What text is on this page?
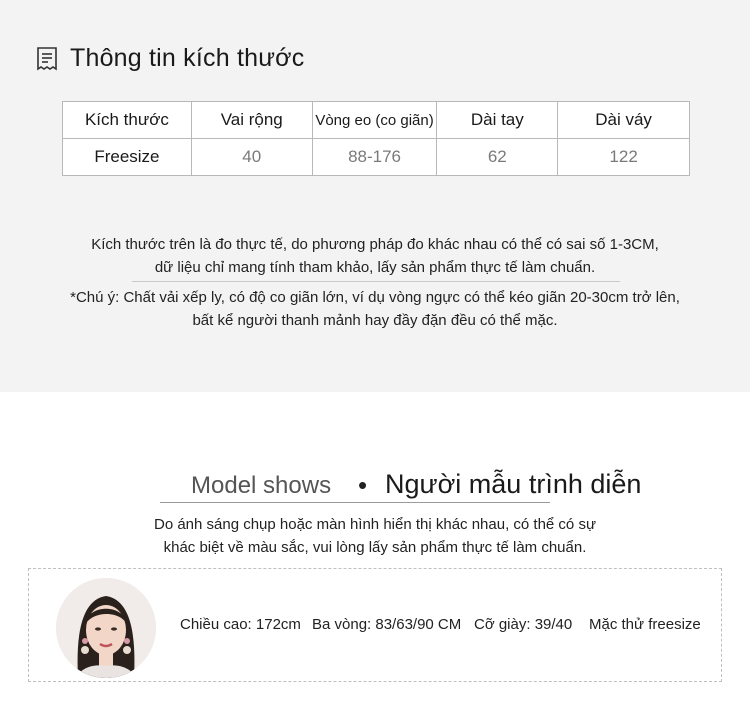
Thông tin kích thước
Kích thước	Vai rộng	Vòng eo (co giãn)	Dài tay	Dài váy
Freesize	40	88-176	62	122
Kích thước trên là đo thực tế, do phương pháp đo khác nhau có thể có sai số 1-3CM,
dữ liệu chỉ mang tính tham khảo, lấy sản phẩm thực tế làm chuẩn.
*Chú ý: Chất vải xếp ly, có độ co giãn lớn, ví dụ vòng ngực có thể kéo giãn 20-30cm trở lên,
bất kể người thanh mảnh hay đầy đặn đều có thể mặc.
Model shows • Người mẫu trình diễn
Do ánh sáng chụp hoặc màn hình hiển thị khác nhau, có thể có sự
khác biệt về màu sắc, vui lòng lấy sản phẩm thực tế làm chuẩn.
Chiều cao: 172cm Ba vòng: 83/63/90 CM Cỡ giày: 39/40 Mặc thử freesize
